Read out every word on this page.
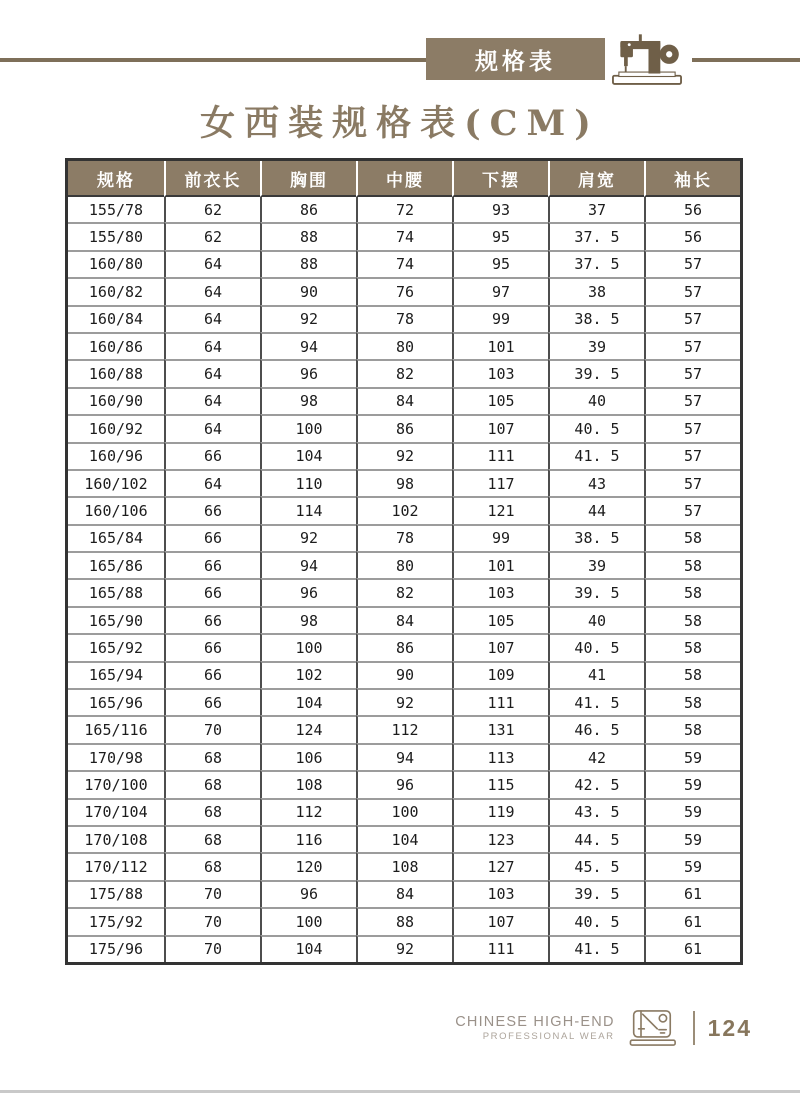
规格表
女西装规格表(CM)
规格	前衣长	胸围	中腰	下摆	肩宽	袖长
155/78	62	86	72	93	37	56
155/80	62	88	74	95	37. 5	56
160/80	64	88	74	95	37. 5	57
160/82	64	90	76	97	38	57
160/84	64	92	78	99	38. 5	57
160/86	64	94	80	101	39	57
160/88	64	96	82	103	39. 5	57
160/90	64	98	84	105	40	57
160/92	64	100	86	107	40. 5	57
160/96	66	104	92	111	41. 5	57
160/102	64	110	98	117	43	57
160/106	66	114	102	121	44	57
165/84	66	92	78	99	38. 5	58
165/86	66	94	80	101	39	58
165/88	66	96	82	103	39. 5	58
165/90	66	98	84	105	40	58
165/92	66	100	86	107	40. 5	58
165/94	66	102	90	109	41	58
165/96	66	104	92	111	41. 5	58
165/116	70	124	112	131	46. 5	58
170/98	68	106	94	113	42	59
170/100	68	108	96	115	42. 5	59
170/104	68	112	100	119	43. 5	59
170/108	68	116	104	123	44. 5	59
170/112	68	120	108	127	45. 5	59
175/88	70	96	84	103	39. 5	61
175/92	70	100	88	107	40. 5	61
175/96	70	104	92	111	41. 5	61
CHINESE HIGH-END
PROFESSIONAL WEAR	124
